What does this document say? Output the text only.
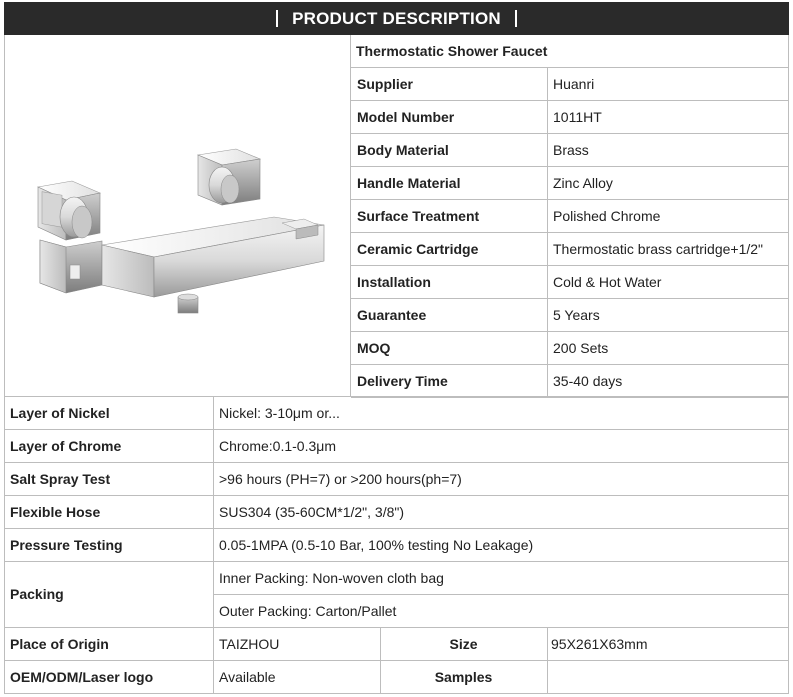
PRODUCT DESCRIPTION
Thermostatic Shower Faucet
Supplier	Huanri
Model Number	1011HT
Body Material	Brass
Handle Material	Zinc Alloy
Surface Treatment	Polished Chrome
Ceramic Cartridge	Thermostatic brass cartridge+1/2"
Installation	Cold & Hot Water
Guarantee	5 Years
MOQ	200 Sets
Delivery Time	35-40 days
Layer of Nickel	Nickel: 3-10μm or...
Layer of Chrome	Chrome:0.1-0.3μm
Salt Spray Test	>96 hours (PH=7) or >200 hours(ph=7)
Flexible Hose	SUS304 (35-60CM*1/2", 3/8")
Pressure Testing	0.05-1MPA (0.5-10 Bar, 100% testing No Leakage)
Packing
Inner Packing: Non-woven cloth bag
Outer Packing: Carton/Pallet
Place of Origin	TAIZHOU	Size	95X261X63mm
OEM/ODM/Laser logo	Available	Samples
